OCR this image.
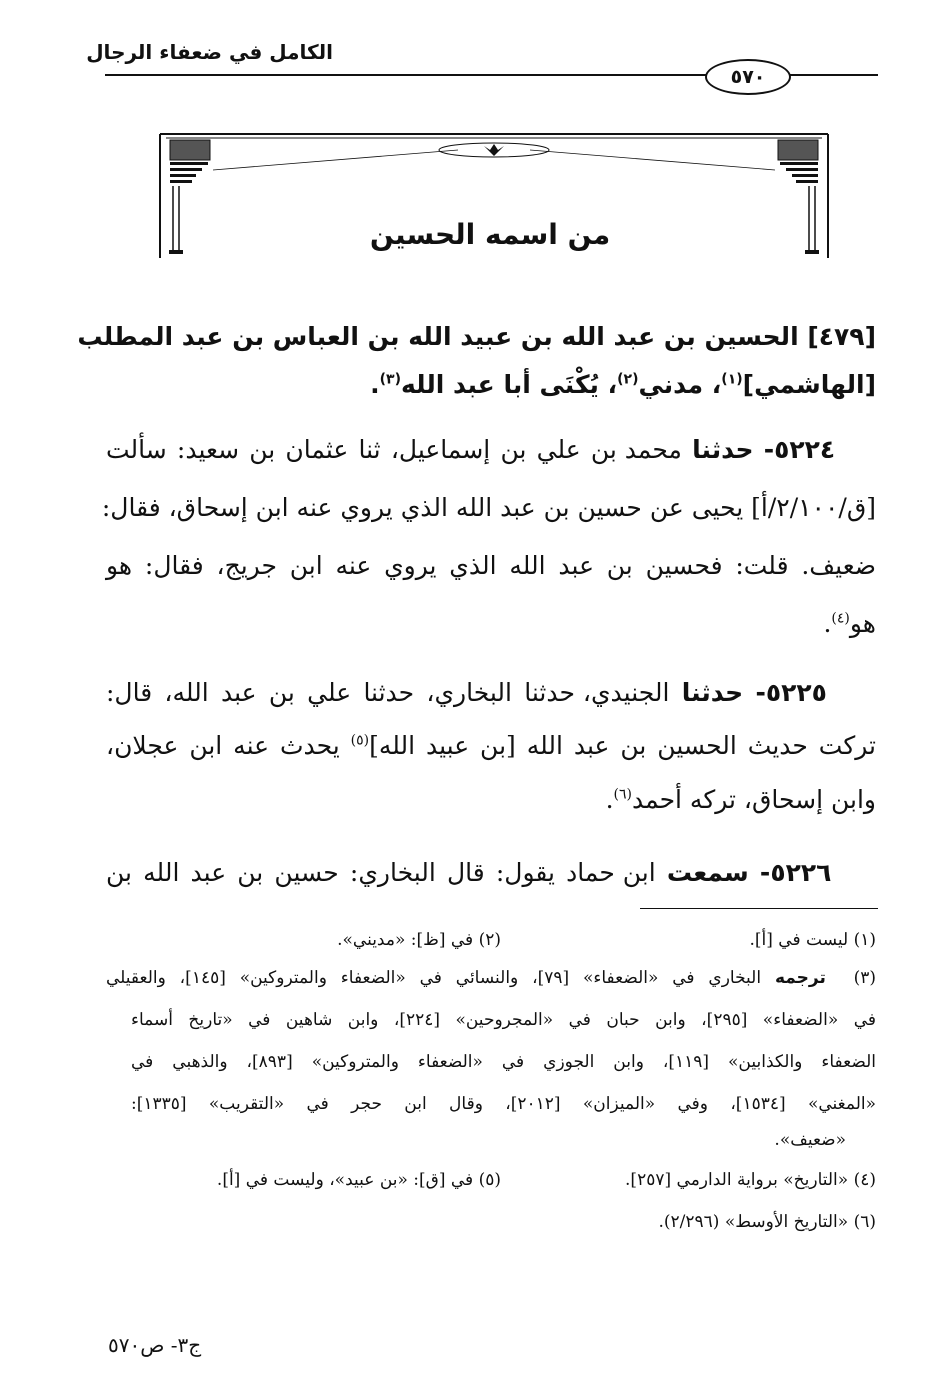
الكامل في ضعفاء الرجال
٥٧٠
من اسمه الحسين
[٤٧٩] الحسين بن عبد الله بن عبيد الله بن العباس بن عبد المطلب
[الهاشمي]$^{(١)}$، مدني$^{(٢)}$، يُكْنَى أبا عبد الله$^{(٣)}$.
٥٢٢٤- حدثنا محمد بن علي بن إسماعيل، ثنا عثمان بن سعيد: سألت
[ق/٢/١٠٠/أ] يحيى عن حسين بن عبد الله الذي يروي عنه ابن إسحاق، فقال:
ضعيف. قلت: فحسين بن عبد الله الذي يروي عنه ابن جريج، فقال: هو
هو$^{(٤)}$.
٥٢٢٥- حدثنا الجنيدي، حدثنا البخاري، حدثنا علي بن عبد الله، قال:
تركت حديث الحسين بن عبد الله [بن عبيد الله]$^{(٥)}$ يحدث عنه ابن عجلان،
وابن إسحاق، تركه أحمد$^{(٦)}$.
٥٢٢٦- سمعت ابن حماد يقول: قال البخاري: حسين بن عبد الله بن
(١) ليست في [أ].
(٢) في [ظ]: «مديني».
(٣)  ترجمه البخاري في «الضعفاء» [٧٩]، والنسائي في «الضعفاء والمتروكين» [١٤٥]، والعقيلي
في «الضعفاء» [٢٩٥]، وابن حبان في «المجروحين» [٢٢٤]، وابن شاهين في «تاريخ أسماء
الضعفاء والكذابين» [١١٩]، وابن الجوزي في «الضعفاء والمتروكين» [٨٩٣]، والذهبي في
«المغني» [١٥٣٤]، وفي «الميزان» [٢٠١٢]، وقال ابن حجر في «التقريب» [١٣٣٥]:
«ضعيف».
(٤) «التاريخ» برواية الدارمي [٢٥٧].
(٥) في [ق]: «بن عبيد»، وليست في [أ].
(٦) «التاريخ الأوسط» (٢/٢٩٦).
ج٣- ص٥٧٠
